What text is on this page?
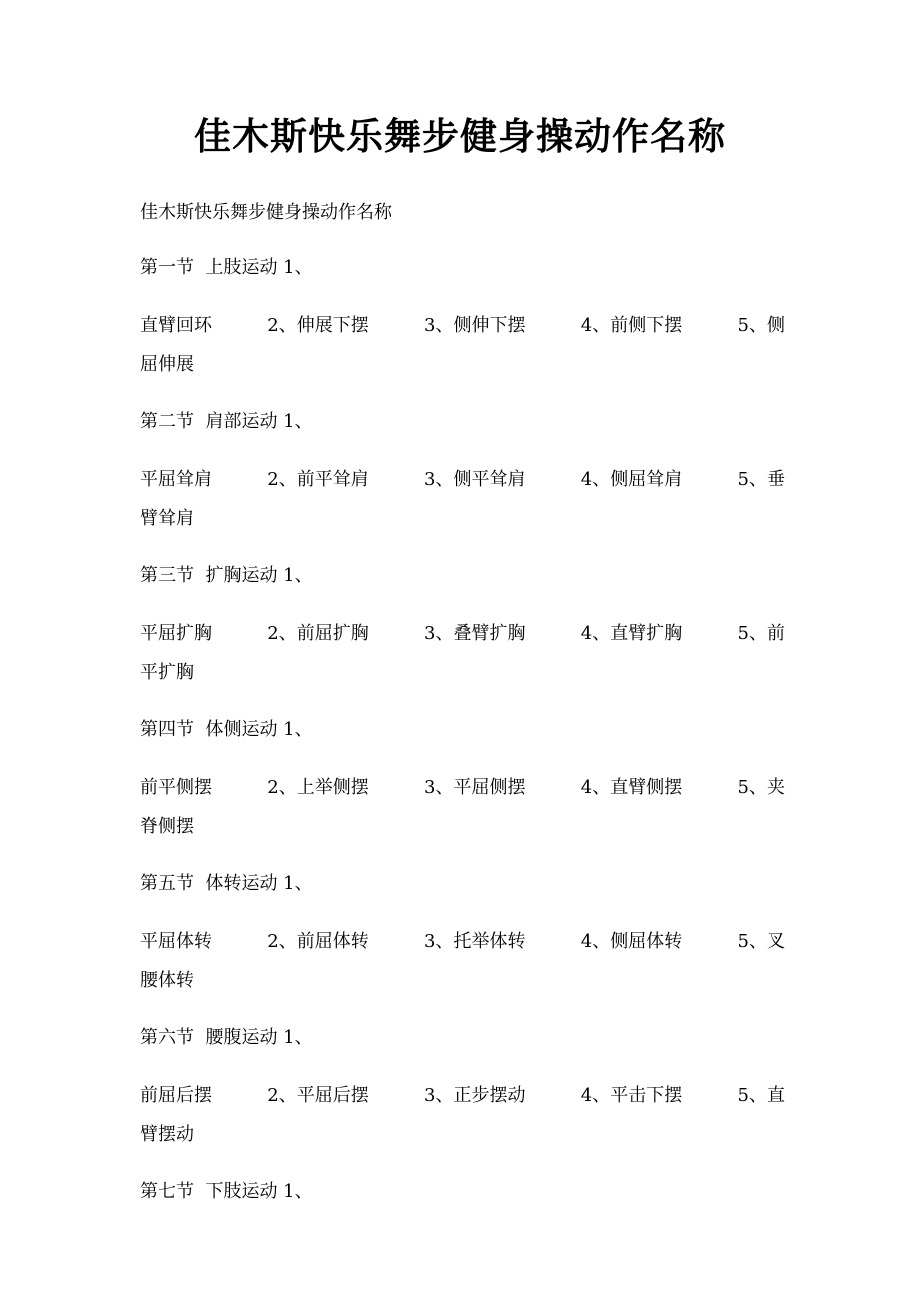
佳木斯快乐舞步健身操动作名称
佳木斯快乐舞步健身操动作名称
第一节  上肢运动 1、
直臂回环	2、伸展下摆	3、侧伸下摆	4、前侧下摆	5、侧
屈伸展
第二节  肩部运动 1、
平屈耸肩	2、前平耸肩	3、侧平耸肩	4、侧屈耸肩	5、垂
臂耸肩
第三节  扩胸运动 1、
平屈扩胸	2、前屈扩胸	3、叠臂扩胸	4、直臂扩胸	5、前
平扩胸
第四节  体侧运动 1、
前平侧摆	2、上举侧摆	3、平屈侧摆	4、直臂侧摆	5、夹
脊侧摆
第五节  体转运动 1、
平屈体转	2、前屈体转	3、托举体转	4、侧屈体转	5、叉
腰体转
第六节  腰腹运动 1、
前屈后摆	2、平屈后摆	3、正步摆动	4、平击下摆	5、直
臂摆动
第七节  下肢运动 1、
